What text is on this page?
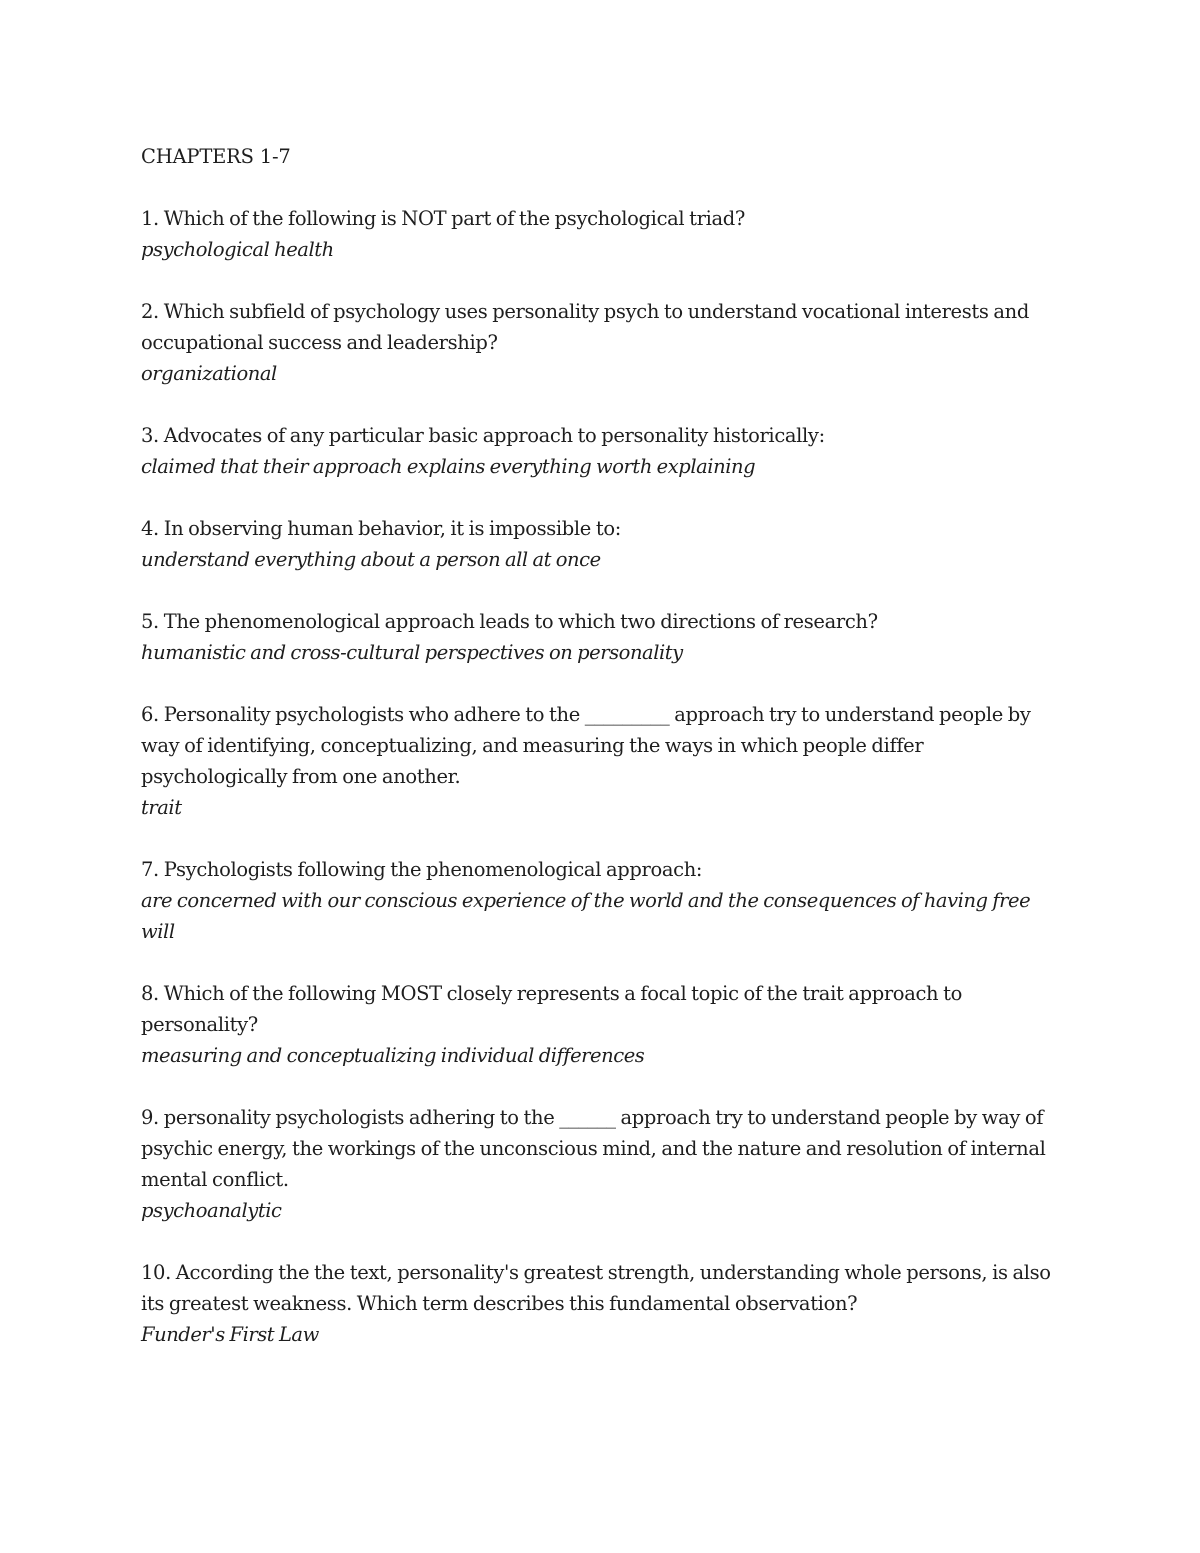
CHAPTERS 1-7

1. Which of the following is NOT part of the psychological triad?

psychological health

2. Which subfield of psychology uses personality psych to understand vocational interests and occupational success and leadership?

organizational

3. Advocates of any particular basic approach to personality historically:

claimed that their approach explains everything worth explaining

4. In observing human behavior, it is impossible to:

understand everything about a person all at once

5. The phenomenological approach leads to which two directions of research?

humanistic and cross-cultural perspectives on personality

6. Personality psychologists who adhere to the _________ approach try to understand people by way of identifying, conceptualizing, and measuring the ways in which people differ psychologically from one another.

trait

7. Psychologists following the phenomenological approach:

are concerned with our conscious experience of the world and the consequences of having free will

8. Which of the following MOST closely represents a focal topic of the trait approach to personality?

measuring and conceptualizing individual differences

9. personality psychologists adhering to the ______ approach try to understand people by way of psychic energy, the workings of the unconscious mind, and the nature and resolution of internal mental conflict.

psychoanalytic

10. According the the text, personality's greatest strength, understanding whole persons, is also its greatest weakness. Which term describes this fundamental observation?

Funder's First Law
